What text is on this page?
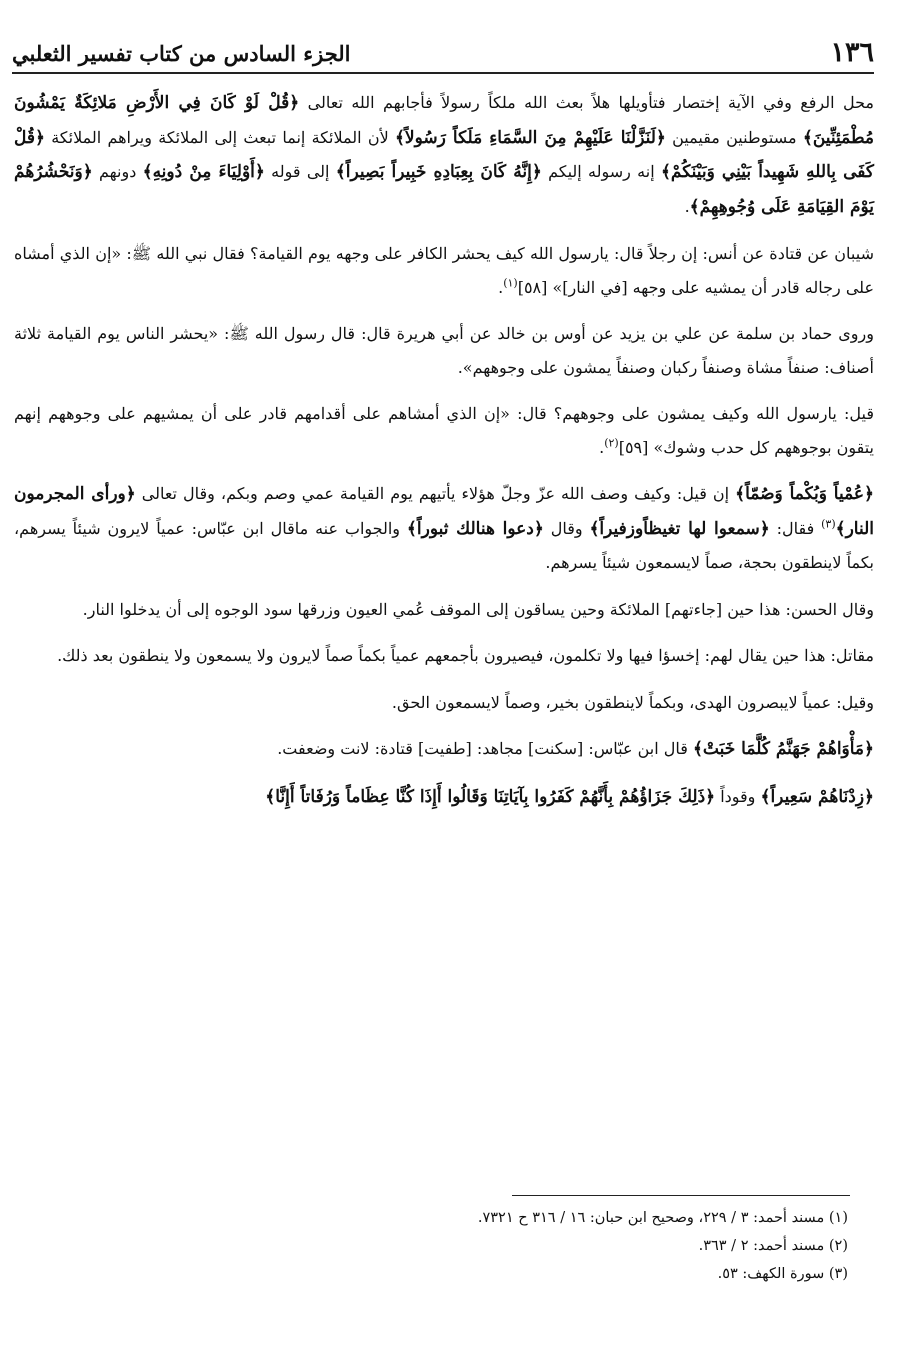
١٣٦
الجزء السادس من كتاب تفسير الثعلبي

محل الرفع وفي الآية إختصار فتأويلها هلاً بعث الله ملكاً رسولاً فأجابهم الله تعالى ﴿قُلْ لَوْ كَانَ فِي الأَرْضِ مَلائِكَةٌ يَمْشُونَ مُطْمَئِنِّينَ﴾ مستوطنين مقيمين ﴿لَنَزَّلْنَا عَلَيْهِمْ مِنَ السَّمَاءِ مَلَكاً رَسُولاً﴾ لأن الملائكة إنما تبعث إلى الملائكة ويراهم الملائكة ﴿قُلْ كَفَى بِاللهِ شَهِيداً بَيْنِي وَبَيْنَكُمْ﴾ إنه رسوله إليكم ﴿إِنَّهُ كَانَ بِعِبَادِهِ خَبِيراً بَصِيراً﴾ إلى قوله ﴿أَوْلِيَاءَ مِنْ دُونِهِ﴾ دونهم ﴿وَنَحْشُرُهُمْ يَوْمَ القِيَامَةِ عَلَى وُجُوهِهِمْ﴾.

شيبان عن قتادة عن أنس: إن رجلاً قال: يارسول الله كيف يحشر الكافر على وجهه يوم القيامة؟ فقال نبي الله ﷺ: «إن الذي أمشاه على رجاله قادر أن يمشيه على وجهه [في النار]» [٥٨]$^{(١)}$.

وروى حماد بن سلمة عن علي بن يزيد عن أوس بن خالد عن أبي هريرة قال: قال رسول الله ﷺ: «يحشر الناس يوم القيامة ثلاثة أصناف: صنفاً مشاة وصنفاً ركبان وصنفاً يمشون على وجوههم».

قيل: يارسول الله وكيف يمشون على وجوههم؟ قال: «إن الذي أمشاهم على أقدامهم قادر على أن يمشيهم على وجوههم إنهم يتقون بوجوههم كل حدب وشوك» [٥٩]$^{(٢)}$.

﴿عُمْياً وَبُكْماً وَصُمّاً﴾ إن قيل: وكيف وصف الله عزّ وجلّ هؤلاء يأتيهم يوم القيامة عمي وصم وبكم، وقال تعالى ﴿ورأى المجرمون النار﴾$^{(٣)}$ فقال: ﴿سمعوا لها تغيظاًوزفيراً﴾ وقال ﴿دعوا هنالك ثبوراً﴾ والجواب عنه ماقال ابن عبّاس: عمياً لايرون شيئاً يسرهم، بكماً لاينطقون بحجة، صماً لايسمعون شيئاً يسرهم.

وقال الحسن: هذا حين [جاءتهم] الملائكة وحين يساقون إلى الموقف عُمي العيون وزرقها سود الوجوه إلى أن يدخلوا النار.

مقاتل: هذا حين يقال لهم: إخسؤا فيها ولا تكلمون، فيصيرون بأجمعهم عمياً بكماً صماً لايرون ولا يسمعون ولا ينطقون بعد ذلك.

وقيل: عمياً لايبصرون الهدى، وبكماً لاينطقون بخير، وصماً لايسمعون الحق.

﴿مَأْوَاهُمْ جَهَنَّمُ كُلَّمَا خَبَتْ﴾ قال ابن عبّاس: [سكنت] مجاهد: [طفيت] قتادة: لانت وضعفت.

﴿زِدْنَاهُمْ سَعِيراً﴾ وقوداً ﴿ذَلِكَ جَزَاؤُهُمْ بِأَنَّهُمْ كَفَرُوا بِآيَاتِنَا وَقَالُوا أَإِذَا كُنَّا عِظَاماً وَرُفَاتاً أَإِنَّا﴾

(١) مسند أحمد: ٣ / ٢٢٩، وصحيح ابن حبان: ١٦ / ٣١٦ ح ٧٣٢١.

(٢) مسند أحمد: ٢ / ٣٦٣.

(٣) سورة الكهف: ٥٣.
